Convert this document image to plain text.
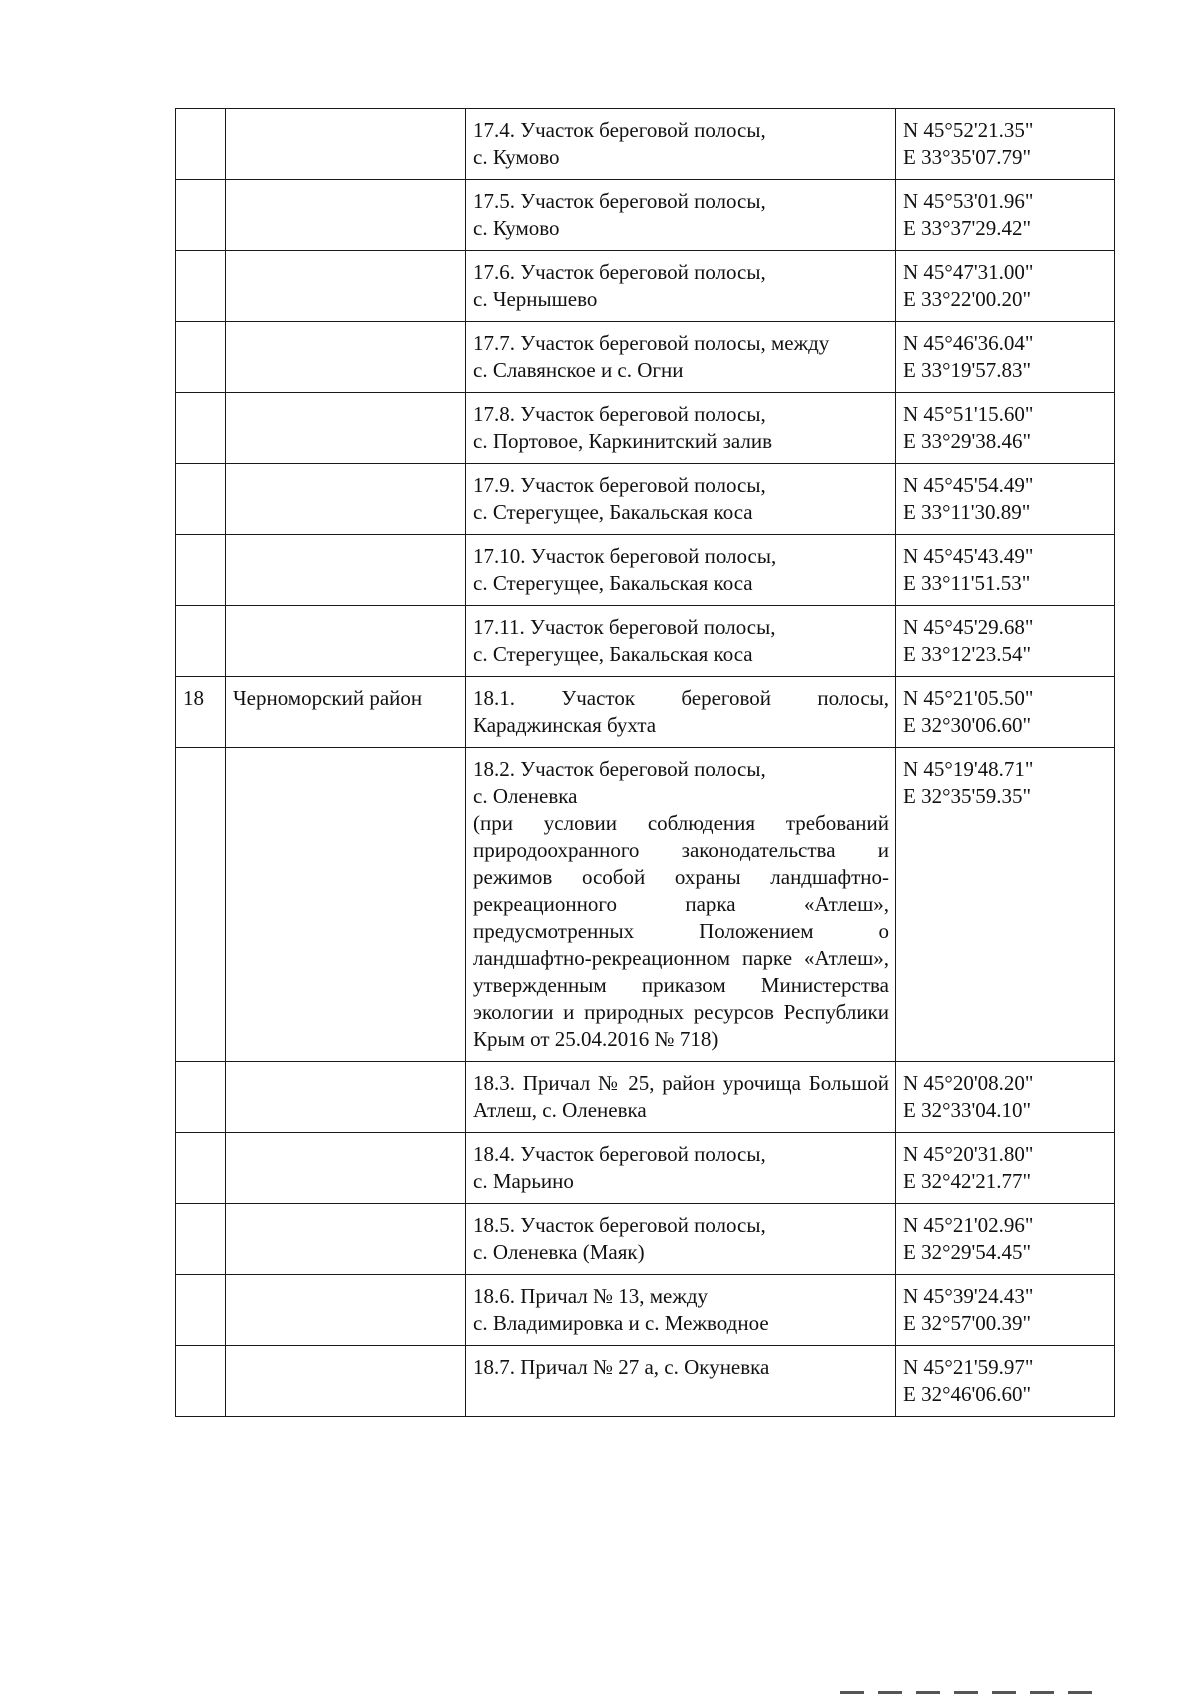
		17.4. Участок береговой полосы,
с. Кумово	N 45°52'21.35"
E 33°35'07.79"

		17.5. Участок береговой полосы,
с. Кумово	N 45°53'01.96"
E 33°37'29.42"

		17.6. Участок береговой полосы,
с. Чернышево	N 45°47'31.00"
E 33°22'00.20"

		17.7. Участок береговой полосы, между
с. Славянское и с. Огни	N 45°46'36.04"
E 33°19'57.83"

		17.8. Участок береговой полосы,
с. Портовое, Каркинитский залив	N 45°51'15.60"
E 33°29'38.46"

		17.9. Участок береговой полосы,
с. Стерегущее, Бакальская коса	N 45°45'54.49"
E 33°11'30.89"

		17.10. Участок береговой полосы,
с. Стерегущее, Бакальская коса	N 45°45'43.49"
E 33°11'51.53"

		17.11. Участок береговой полосы,
с. Стерегущее, Бакальская коса	N 45°45'29.68"
E 33°12'23.54"

18	Черноморский район	18.1. Участок береговой полосы, Караджинская бухта	N 45°21'05.50"
E 32°30'06.60"

		18.2. Участок береговой полосы,
с. Оленевка
(при условии соблюдения требований природоохранного законодательства и режимов особой охраны ландшафтно-рекреационного парка «Атлеш», предусмотренных Положением о ландшафтно-рекреационном парке «Атлеш», утвержденным приказом Министерства экологии и природных ресурсов Республики Крым от 25.04.2016 № 718)	N 45°19'48.71"
E 32°35'59.35"

		18.3. Причал № 25, район урочища Большой Атлеш, с. Оленевка	N 45°20'08.20"
E 32°33'04.10"

		18.4. Участок береговой полосы,
с. Марьино	N 45°20'31.80"
E 32°42'21.77"

		18.5. Участок береговой полосы,
с. Оленевка (Маяк)	N 45°21'02.96"
E 32°29'54.45"

		18.6. Причал № 13, между
с. Владимировка и с. Межводное	N 45°39'24.43"
E 32°57'00.39"

		18.7. Причал № 27 а, с. Окуневка	N 45°21'59.97"
E 32°46'06.60"
